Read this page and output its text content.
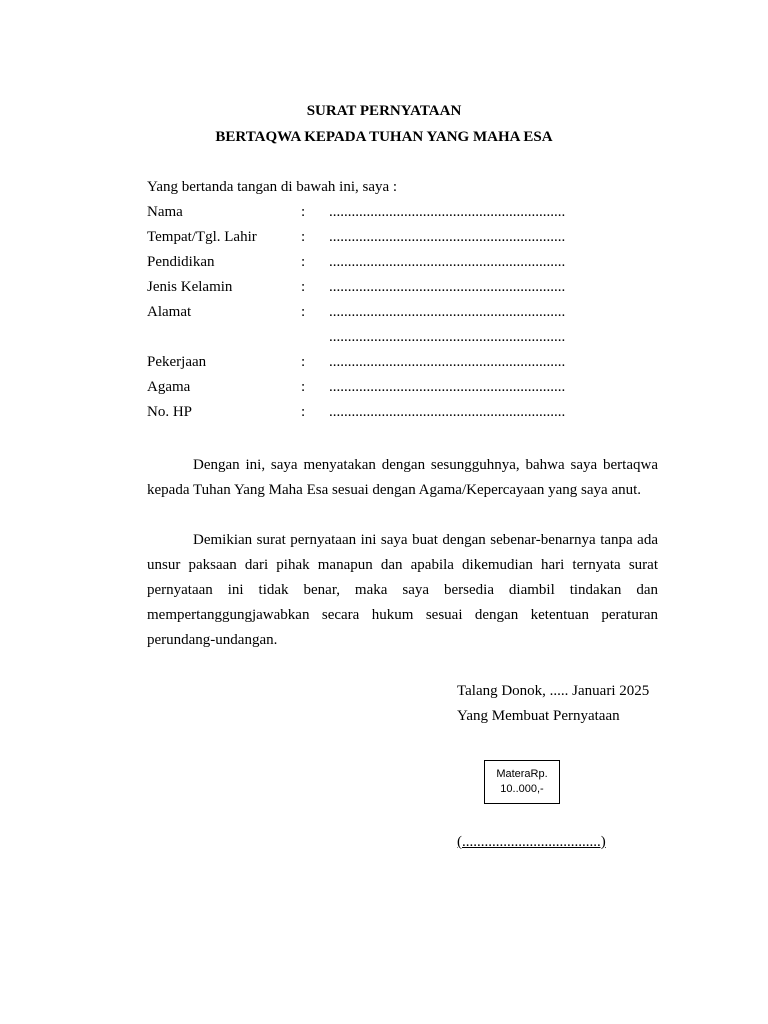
SURAT PERNYATAAN
BERTAQWA KEPADA TUHAN YANG MAHA ESA
Yang bertanda tangan di bawah ini, saya :
Nama	: ...............................................................
Tempat/Tgl. Lahir	: ...............................................................
Pendidikan	: ...............................................................
Jenis Kelamin	: ...............................................................
Alamat	: ...............................................................
...............................................................
Pekerjaan	: ...............................................................
Agama	: ...............................................................
No. HP	: ...............................................................

Dengan ini, saya menyatakan dengan sesungguhnya, bahwa saya bertaqwa kepada Tuhan Yang Maha Esa sesuai dengan Agama/Kepercayaan yang saya anut.

Demikian surat pernyataan ini saya buat dengan sebenar-benarnya tanpa ada unsur paksaan dari pihak manapun dan apabila dikemudian hari ternyata surat pernyataan ini tidak benar, maka saya bersedia diambil tindakan dan mempertanggungjawabkan secara hukum sesuai dengan ketentuan peraturan perundang-undangan.

Talang Donok, ..... Januari 2025
Yang Membuat Pernyataan
MateraRp.
10..000,-
(.....................................)
